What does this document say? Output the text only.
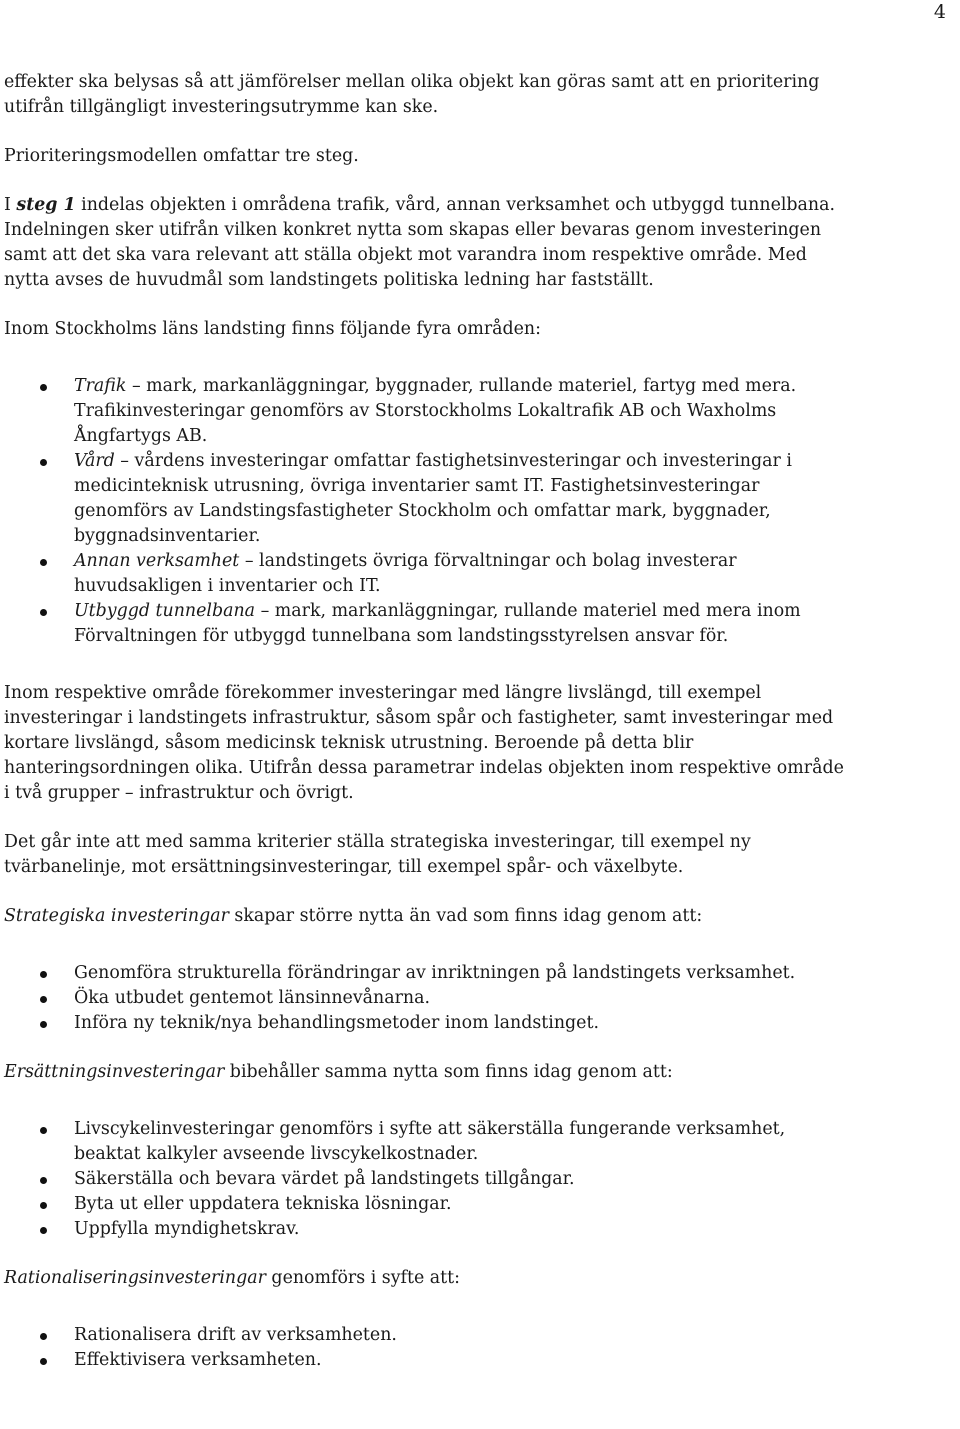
4

effekter ska belysas så att jämförelser mellan olika objekt kan göras samt att en prioritering utifrån tillgängligt investeringsutrymme kan ske.

Prioriteringsmodellen omfattar tre steg.

I steg 1 indelas objekten i områdena trafik, vård, annan verksamhet och utbyggd tunnelbana. Indelningen sker utifrån vilken konkret nytta som skapas eller bevaras genom investeringen samt att det ska vara relevant att ställa objekt mot varandra inom respektive område. Med nytta avses de huvudmål som landstingets politiska ledning har fastställt.

Inom Stockholms läns landsting finns följande fyra områden:

Trafik – mark, markanläggningar, byggnader, rullande materiel, fartyg med mera. Trafikinvesteringar genomförs av Storstockholms Lokaltrafik AB och Waxholms Ångfartygs AB.
Vård – vårdens investeringar omfattar fastighetsinvesteringar och investeringar i medicinteknisk utrusning, övriga inventarier samt IT. Fastighetsinvesteringar genomförs av Landstingsfastigheter Stockholm och omfattar mark, byggnader, byggnadsinventarier.
Annan verksamhet – landstingets övriga förvaltningar och bolag investerar huvudsakligen i inventarier och IT.
Utbyggd tunnelbana – mark, markanläggningar, rullande materiel med mera inom Förvaltningen för utbyggd tunnelbana som landstingsstyrelsen ansvar för.

Inom respektive område förekommer investeringar med längre livslängd, till exempel investeringar i landstingets infrastruktur, såsom spår och fastigheter, samt investeringar med kortare livslängd, såsom medicinsk teknisk utrustning. Beroende på detta blir hanteringsordningen olika. Utifrån dessa parametrar indelas objekten inom respektive område i två grupper – infrastruktur och övrigt.

Det går inte att med samma kriterier ställa strategiska investeringar, till exempel ny tvärbanelinje, mot ersättningsinvesteringar, till exempel spår- och växelbyte.

Strategiska investeringar skapar större nytta än vad som finns idag genom att:

Genomföra strukturella förändringar av inriktningen på landstingets verksamhet.
Öka utbudet gentemot länsinnevånarna.
Införa ny teknik/nya behandlingsmetoder inom landstinget.

Ersättningsinvesteringar bibehåller samma nytta som finns idag genom att:

Livscykelinvesteringar genomförs i syfte att säkerställa fungerande verksamhet, beaktat kalkyler avseende livscykelkostnader.
Säkerställa och bevara värdet på landstingets tillgångar.
Byta ut eller uppdatera tekniska lösningar.
Uppfylla myndighetskrav.

Rationaliseringsinvesteringar genomförs i syfte att:

Rationalisera drift av verksamheten.
Effektivisera verksamheten.
